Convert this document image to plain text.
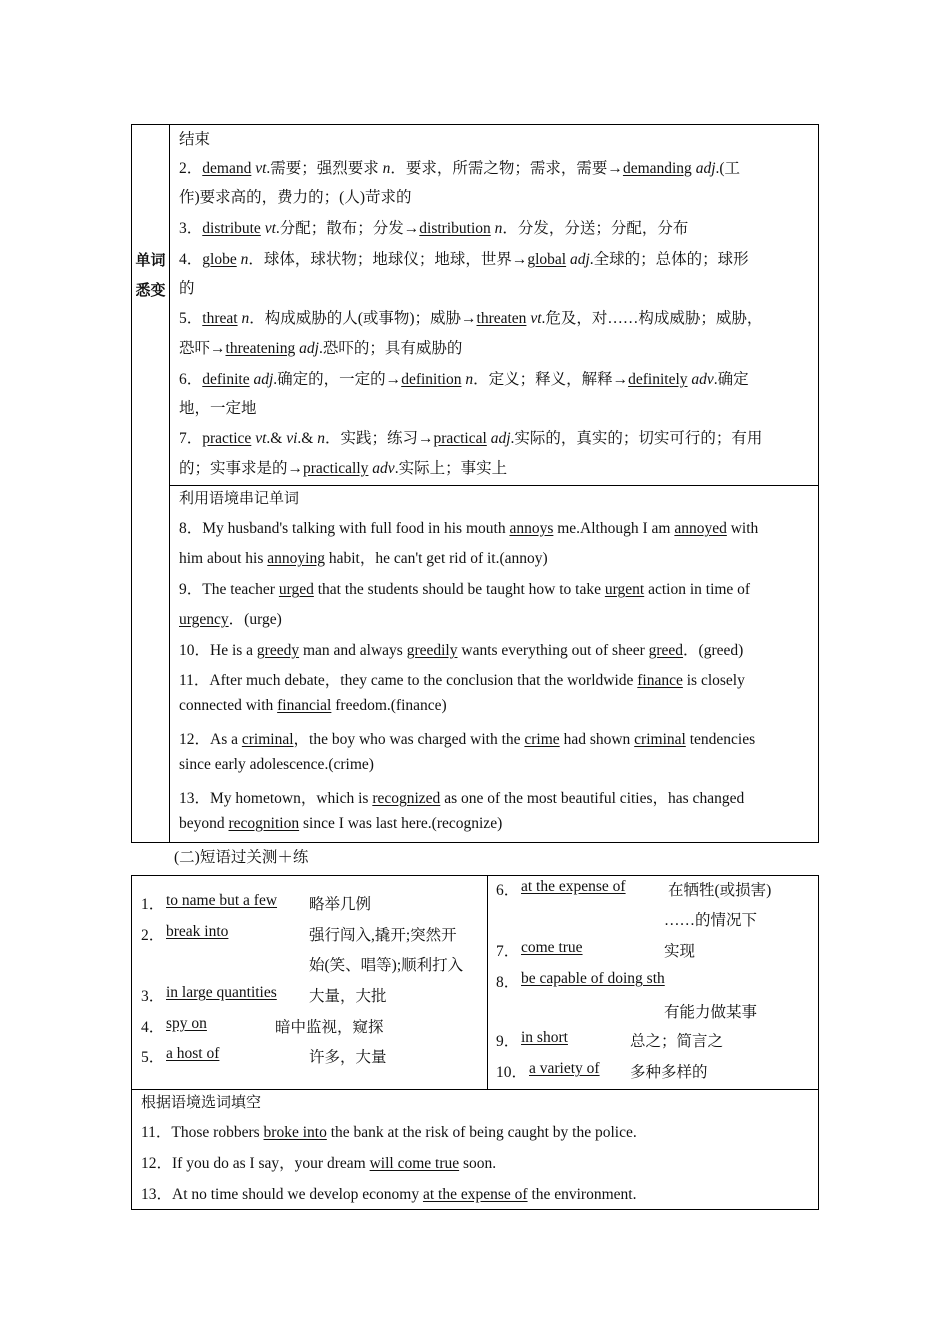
单词悉变
结束
2．demand vt.需要；强烈要求 n．要求，所需之物；需求，需要→demanding adj.(工
作)要求高的，费力的；(人)苛求的
3．distribute vt.分配；散布；分发→distribution n．分发，分送；分配，分布
4．globe n．球体，球状物；地球仪；地球，世界→global adj.全球的；总体的；球形
的
5．threat n．构成威胁的人(或事物)；威胁→threaten vt.危及，对……构成威胁；威胁，
恐吓→threatening adj.恐吓的；具有威胁的
6．definite adj.确定的，一定的→definition n．定义；释义，解释→definitely adv.确定
地，一定地
7．practice vt.& vi.& n．实践；练习→practical adj.实际的，真实的；切实可行的；有用
的；实事求是的→practically adv.实际上；事实上
利用语境串记单词
8．My husband's talking with full food in his mouth annoys me.Although I am annoyed with
him about his annoying habit，he can't get rid of it.(annoy)
9．The teacher urged that the students should be taught how to take urgent action in time of
urgency．(urge)
10．He is a greedy man and always greedily wants everything out of sheer greed．(greed)
11．After much debate，they came to the conclusion that the worldwide finance is closely
connected with financial freedom.(finance)
12．As a criminal，the boy who was charged with the crime had shown criminal tendencies
since early adolescence.(crime)
13．My hometown，which is recognized as one of the most beautiful cities，has changed
beyond recognition since I was last here.(recognize)
(二)短语过关测＋练
1． to name but a few 略举几例
2． break into	强行闯入,撬开;突然开
始(笑、唱等);顺利打入
3． in large quantities 大量，大批
4． spy on	暗中监视，窥探
5． a host of	许多，大量
6． at the expense of	在牺牲(或损害)
……的情况下
7． come true	实现
8． be capable of doing sth
有能力做某事
9． in short	总之；简言之
10． a variety of 多种多样的
根据语境选词填空
11．Those robbers broke into the bank at the risk of being caught by the police.
12．If you do as I say，your dream will come true soon.
13．At no time should we develop economy at the expense of the environment.
